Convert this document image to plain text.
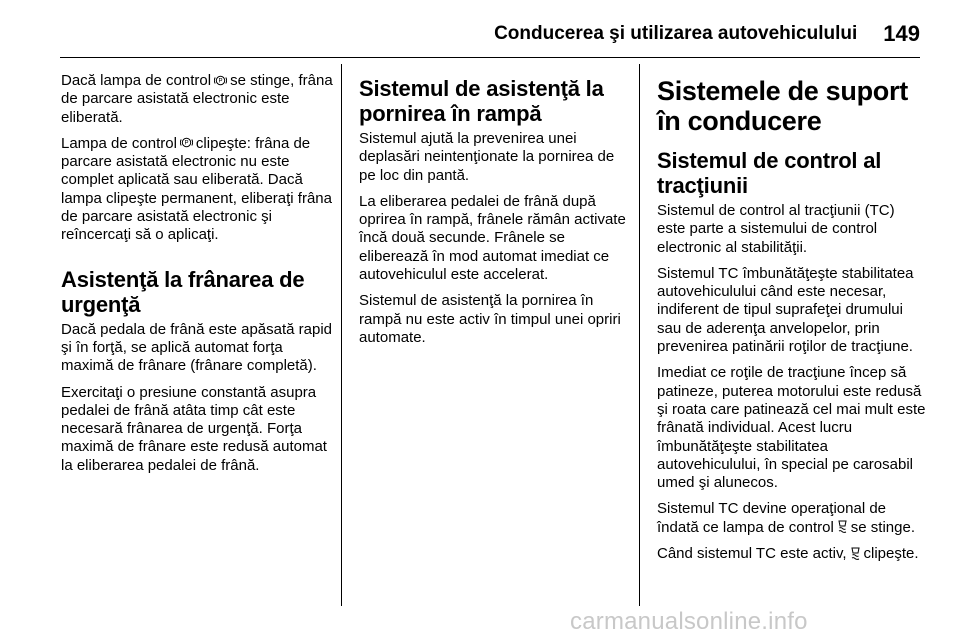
Conducerea şi utilizarea autovehiculului 149

Dacă lampa de control P se stinge, frâna de parcare asistată electronic este eliberată.

Lampa de control P clipeşte: frâna de parcare asistată electronic nu este complet aplicată sau eliberată. Dacă lampa clipeşte permanent, eliberaţi frâna de parcare asistată electronic şi reîncercaţi să o aplicaţi.

Asistenţă la frânarea de urgenţă

Dacă pedala de frână este apăsată rapid şi în forţă, se aplică automat forţa maximă de frânare (frânare completă).

Exercitaţi o presiune constantă asupra pedalei de frână atâta timp cât este necesară frânarea de urgenţă. Forţa maximă de frânare este redusă automat la eliberarea pedalei de frână.

Sistemul de asistenţă la pornirea în rampă

Sistemul ajută la prevenirea unei deplasări neintenţionate la pornirea de pe loc din pantă.

La eliberarea pedalei de frână după oprirea în rampă, frânele rămân activate încă două secunde. Frânele se eliberează în mod automat imediat ce autovehiculul este accelerat.

Sistemul de asistenţă la pornirea în rampă nu este activ în timpul unei opriri automate.

Sistemele de suport în conducere
Sistemul de control al tracţiunii

Sistemul de control al tracţiunii (TC) este parte a sistemului de control electronic al stabilităţii.

Sistemul TC îmbunătăţeşte stabilitatea autovehiculului când este necesar, indiferent de tipul suprafeţei drumului sau de aderenţa anvelopelor, prin prevenirea patinării roţilor de tracţiune.

Imediat ce roţile de tracţiune încep să patineze, puterea motorului este redusă şi roata care patinează cel mai mult este frânată individual. Acest lucru îmbunătăţeşte stabilitatea autovehiculului, în special pe carosabil umed şi alunecos.

Sistemul TC devine operaţional de îndată ce lampa de control se stinge.

Când sistemul TC este activ, clipeşte.

carmanualsonline.info
